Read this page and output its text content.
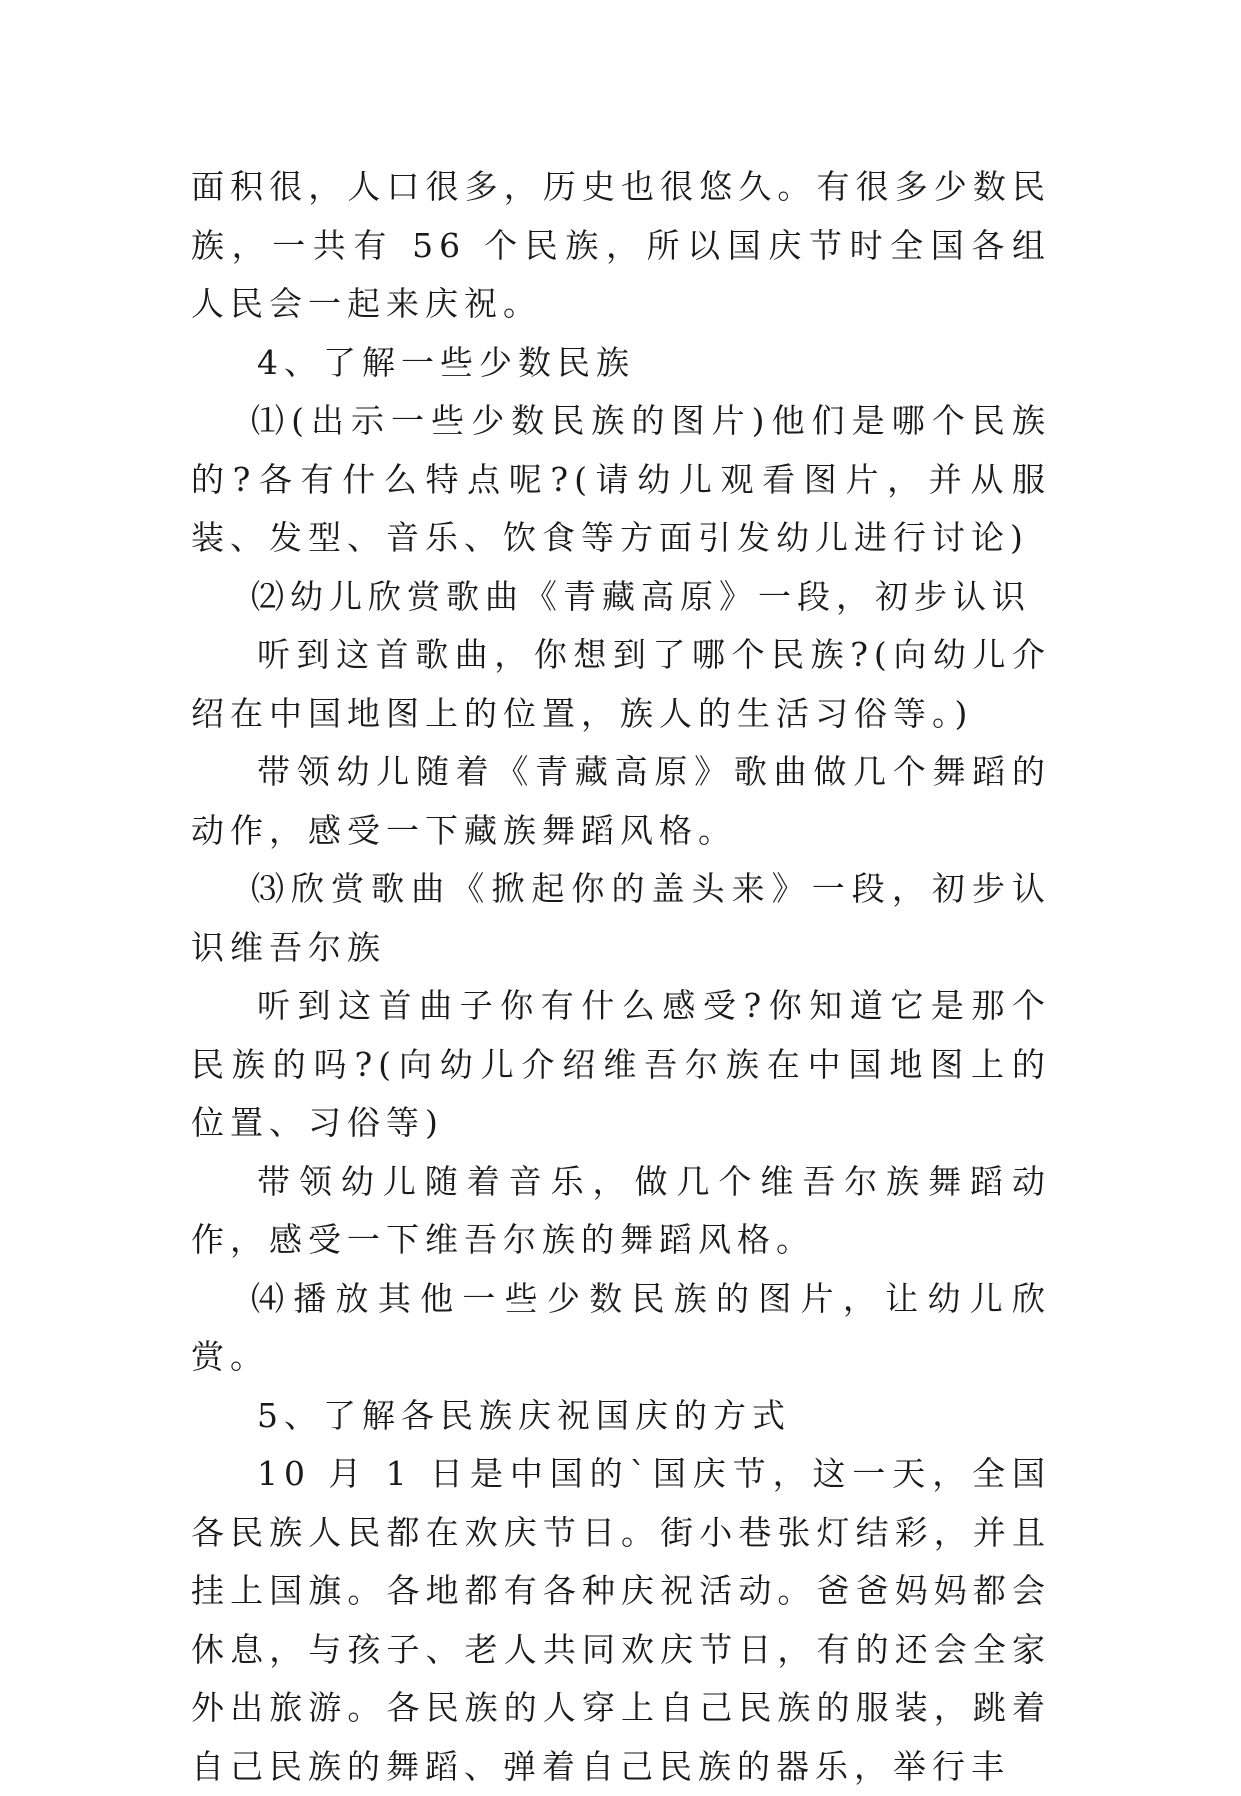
面积很，人口很多，历史也很悠久。有很多少数民族，一共有 56 个民族，所以国庆节时全国各组人民会一起来庆祝。

4、了解一些少数民族

⑴(出示一些少数民族的图片)他们是哪个民族的?各有什么特点呢?(请幼儿观看图片，并从服装、发型、音乐、饮食等方面引发幼儿进行讨论)

⑵幼儿欣赏歌曲《青藏高原》一段，初步认识

听到这首歌曲，你想到了哪个民族?(向幼儿介绍在中国地图上的位置，族人的生活习俗等。)

带领幼儿随着《青藏高原》歌曲做几个舞蹈的动作，感受一下藏族舞蹈风格。

⑶欣赏歌曲《掀起你的盖头来》一段，初步认识维吾尔族

听到这首曲子你有什么感受?你知道它是那个民族的吗?(向幼儿介绍维吾尔族在中国地图上的位置、习俗等)

带领幼儿随着音乐，做几个维吾尔族舞蹈动作，感受一下维吾尔族的舞蹈风格。

⑷播放其他一些少数民族的图片，让幼儿欣赏。

5、了解各民族庆祝国庆的方式

10 月 1 日是中国的`国庆节，这一天，全国各民族人民都在欢庆节日。街小巷张灯结彩，并且挂上国旗。各地都有各种庆祝活动。爸爸妈妈都会休息，与孩子、老人共同欢庆节日，有的还会全家外出旅游。各民族的人穿上自己民族的服装，跳着自己民族的舞蹈、弹着自己民族的器乐，举行丰
